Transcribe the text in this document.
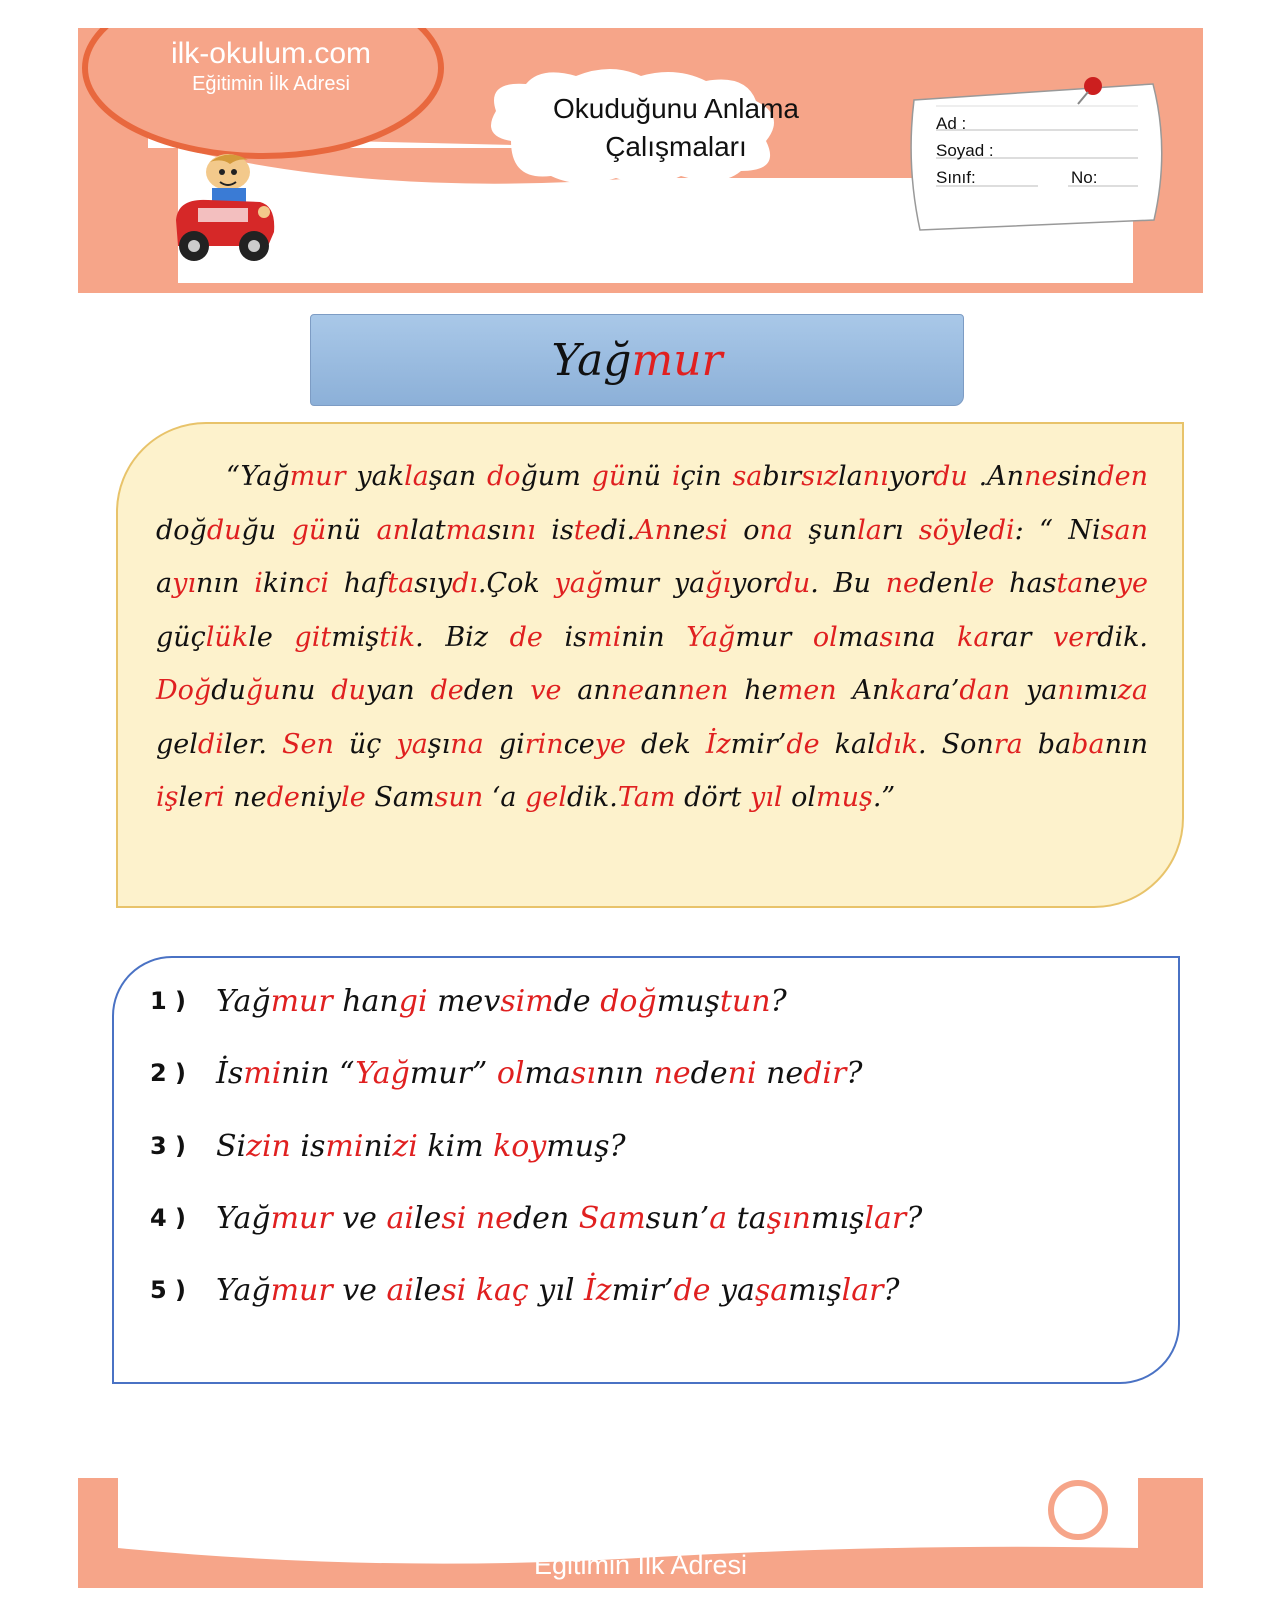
ilk-okulum.com
Eğitimin İlk Adresi
Okuduğunu Anlama
Çalışmaları
Ad :
Soyad :
Sınıf:	No:
Yağmur

“Yağmur yaklaşan doğum günü için sabırsızlanıyordu .Annesinden doğduğu günü anlatmasını istedi.Annesi ona şunları söyledi: “ Nisan ayının ikinci haftasıydı.Çok yağmur yağıyordu. Bu nedenle hastaneye güçlükle gitmiştik. Biz de isminin Yağmur olmasına karar verdik. Doğduğunu duyan deden ve anneannen hemen Ankara’dan yanımıza geldiler. Sen üç yaşına girinceye dek İzmir’de kaldık. Sonra babanın işleri nedeniyle Samsun ‘a geldik.Tam dört yıl olmuş.”

1 ) Yağmur hangi mevsimde doğmuştun?
2 ) İsminin “Yağmur” olmasının nedeni nedir?
3 ) Sizin isminizi kim koymuş?
4 ) Yağmur ve ailesi neden Samsun’a taşınmışlar?
5 ) Yağmur ve ailesi kaç yıl İzmir’de yaşamışlar?
ilk-okulum.com
Eğitimin İlk Adresi
